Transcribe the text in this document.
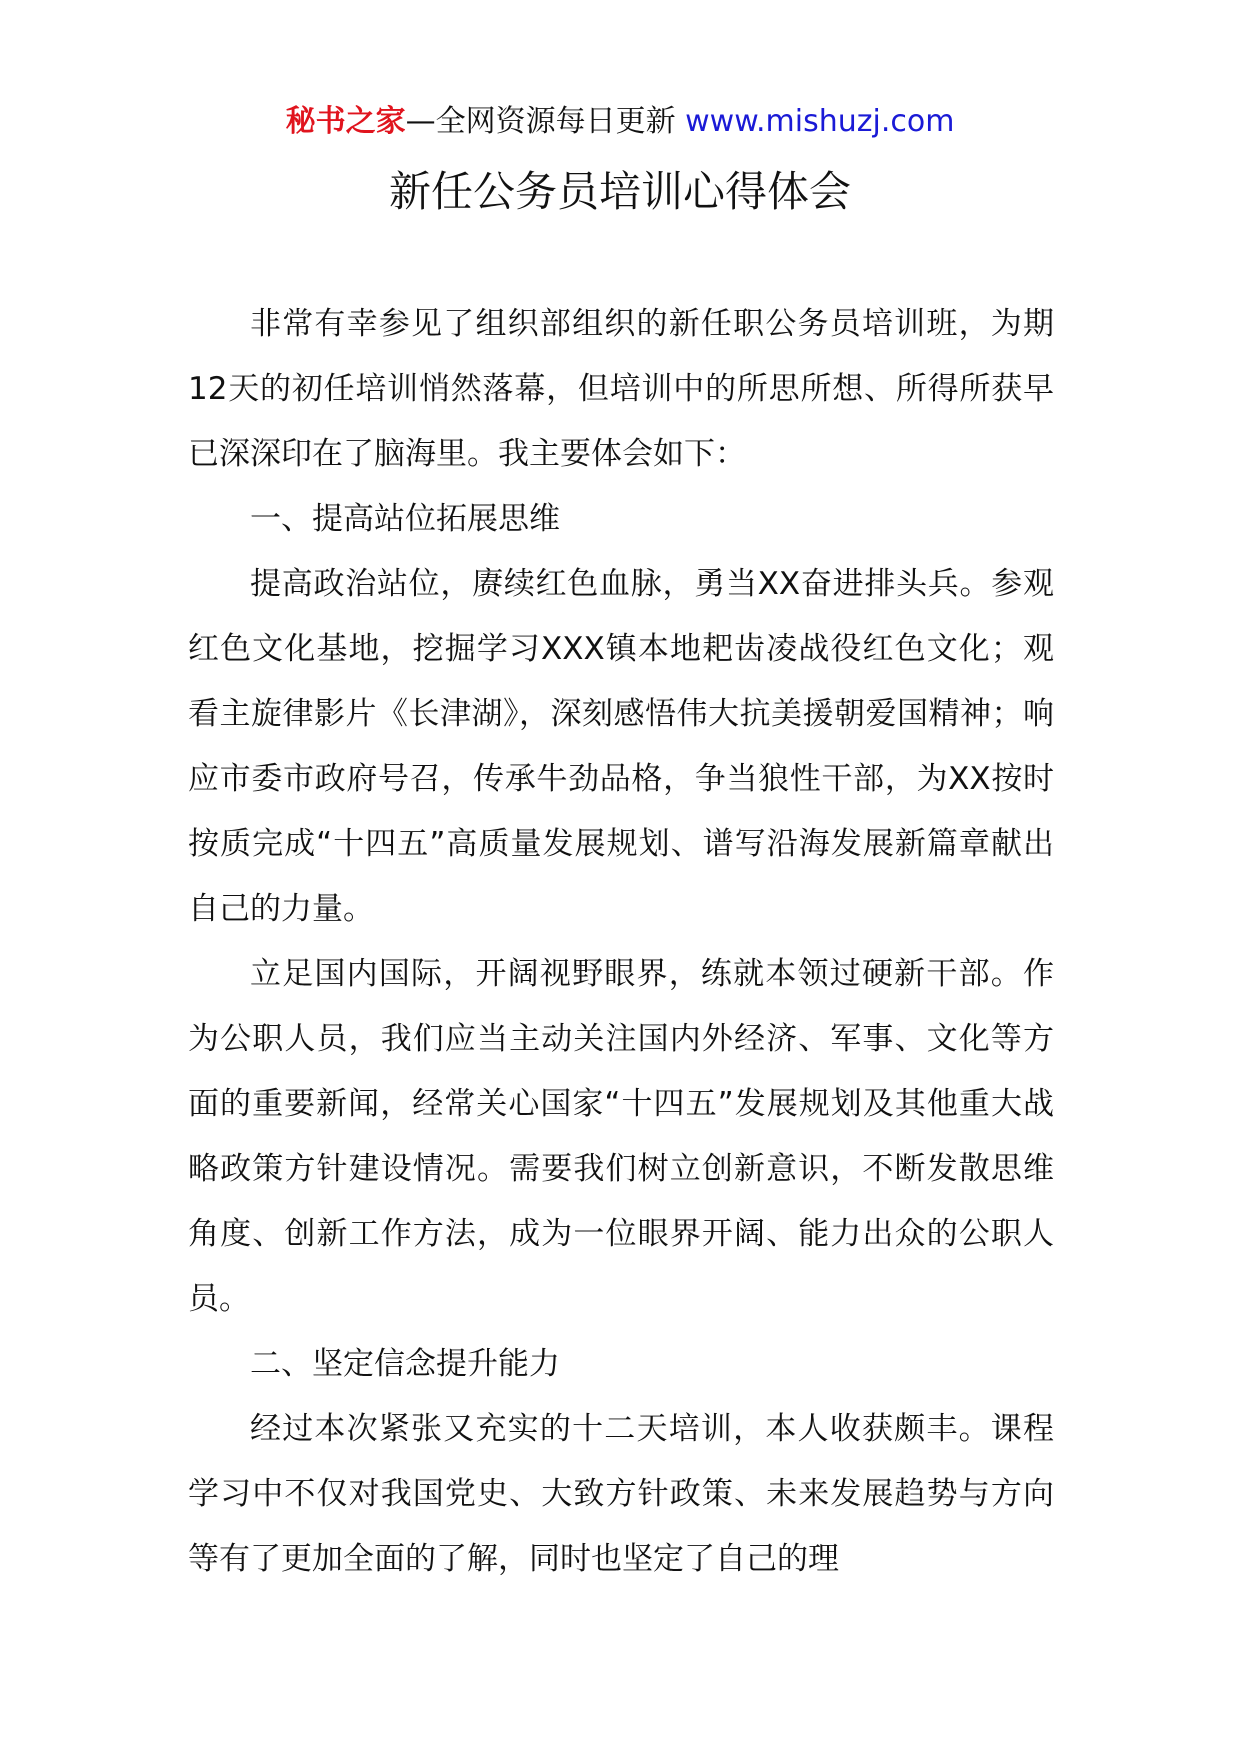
秘书之家—全网资源每日更新 www.mishuzj.com
新任公务员培训心得体会

非常有幸参见了组织部组织的新任职公务员培训班，为期12天的初任培训悄然落幕，但培训中的所思所想、所得所获早已深深印在了脑海里。我主要体会如下：

一、提高站位拓展思维

提高政治站位，赓续红色血脉，勇当XX奋进排头兵。参观红色文化基地，挖掘学习XXX镇本地耙齿凌战役红色文化；观看主旋律影片《长津湖》，深刻感悟伟大抗美援朝爱国精神；响应市委市政府号召，传承牛劲品格，争当狼性干部，为XX按时按质完成“十四五”高质量发展规划、谱写沿海发展新篇章献出自己的力量。

立足国内国际，开阔视野眼界，练就本领过硬新干部。作为公职人员，我们应当主动关注国内外经济、军事、文化等方面的重要新闻，经常关心国家“十四五”发展规划及其他重大战略政策方针建设情况。需要我们树立创新意识，不断发散思维角度、创新工作方法，成为一位眼界开阔、能力出众的公职人员。

二、坚定信念提升能力

经过本次紧张又充实的十二天培训，本人收获颇丰。课程学习中不仅对我国党史、大致方针政策、未来发展趋势与方向等有了更加全面的了解，同时也坚定了自己的理
